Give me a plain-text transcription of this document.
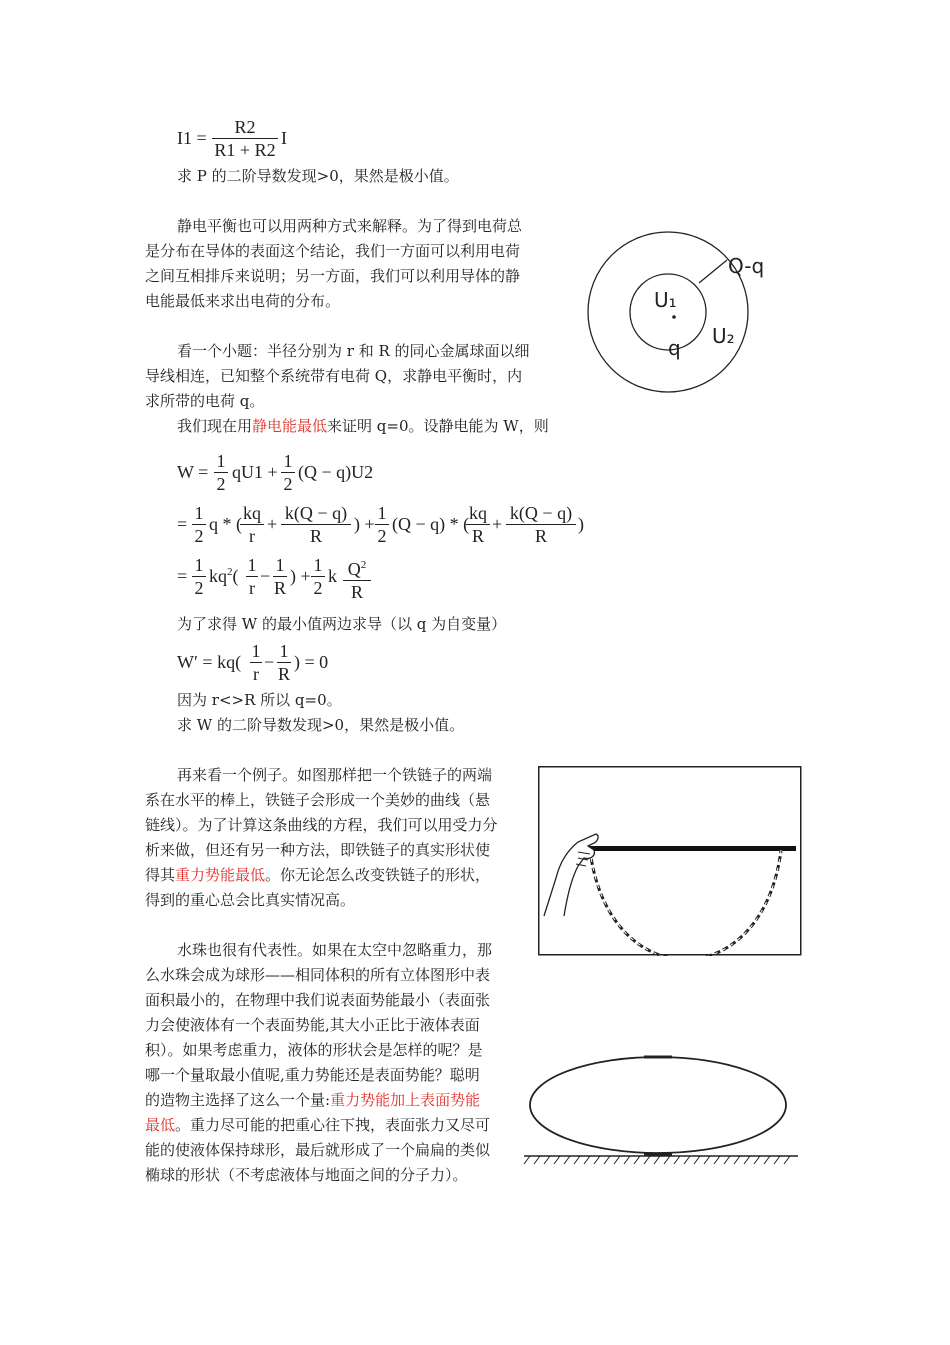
$I1 = \frac{R2}{R1 + R2}$ I
求 P 的二阶导数发现>0，果然是极小值。
静电平衡也可以用两种方式来解释。为了得到电荷总
是分布在导体的表面这个结论，我们一方面可以利用电荷
之间互相排斥来说明；另一方面，我们可以利用导体的静
电能最低来求出电荷的分布。
看一个小题：半径分别为 r 和 R 的同心金属球面以细
导线相连，已知整个系统带有电荷 Q，求静电平衡时，内
求所带的电荷 q。
我们现在用静电能最低来证明 q=0。设静电能为 W，则
Q-q
U₁
U₂
q
$W = \frac{1}{2} qU1 + \frac{1}{2} (Q - q)U2$
= $\frac{1}{2}$ q * (
$\frac{kq}{r} + \frac{k(Q - q)}{R}$ ) + $\frac{1}{2} (Q - q)$ * (
$\frac{kq}{R} + \frac{k(Q - q)}{R}$ )
= $\frac{1}{2} kq^2( \frac{1}{r} - \frac{1}{R}$ ) + $\frac{1}{2}$ k $\frac{Q^2}{R}$
为了求得 W 的最小值两边求导（以 q 为自变量）
$W' = kq( \frac{1}{r} - \frac{1}{R}$ ) = 0
因为 r<>R 所以 q=0。
求 W 的二阶导数发现>0，果然是极小值。
再来看一个例子。如图那样把一个铁链子的两端
系在水平的棒上，铁链子会形成一个美妙的曲线（悬
链线）。为了计算这条曲线的方程，我们可以用受力分
析来做，但还有另一种方法，即铁链子的真实形状使
得其重力势能最低。你无论怎么改变铁链子的形状，
得到的重心总会比真实情况高。
水珠也很有代表性。如果在太空中忽略重力，那
么水珠会成为球形——相同体积的所有立体图形中表
面积最小的，在物理中我们说表面势能最小（表面张
力会使液体有一个表面势能,其大小正比于液体表面
积）。如果考虑重力，液体的形状会是怎样的呢？是
哪一个量取最小值呢,重力势能还是表面势能？聪明
的造物主选择了这么一个量:重力势能加上表面势能
最低。重力尽可能的把重心往下拽，表面张力又尽可
能的使液体保持球形，最后就形成了一个扁扁的类似
椭球的形状（不考虑液体与地面之间的分子力）。
